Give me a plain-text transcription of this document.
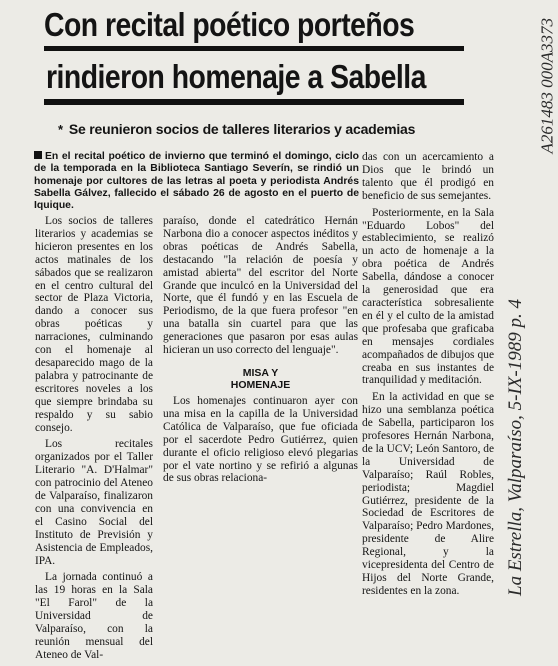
Con recital poético porteños
rindieron homenaje a Sabella
* Se reunieron socios de talleres literarios y academias
En el recital poético de invierno que terminó el domingo, ciclo de la temporada en la Biblioteca Santiago Severín, se rindió un homenaje por cultores de las letras al poeta y periodista Andrés Sabella Gálvez, fallecido el sábado 26 de agosto en el puerto de Iquique.

Los socios de talleres literarios y academias se hicieron presentes en los actos matinales de los sábados que se realizaron en el centro cultural del sector de Plaza Victoria, dando a conocer sus obras poéticas y narraciones, culminando con el homenaje al desaparecido mago de la palabra y patrocinante de escritores noveles a los que siempre brindaba su respaldo y su sabio consejo.

Los recitales organizados por el Taller Literario "A. D'Halmar" con patrocinio del Ateneo de Valparaíso, finalizaron con una convivencia en el Casino Social del Instituto de Previsión y Asistencia de Empleados, IPA.

La jornada continuó a las 19 horas en la Sala "El Farol" de la Universidad de Valparaíso, con la reunión mensual del Ateneo de Val-

paraíso, donde el catedrático Hernán Narbona dio a conocer aspectos inéditos y obras poéticas de Andrés Sabella, destacando "la relación de poesía y amistad abierta" del escritor del Norte Grande que inculcó en la Universidad del Norte, que él fundó y en las Escuela de Periodismo, de la que fuera profesor "en una batalla sin cuartel para que las generaciones que pasaron por esas aulas hicieran un uso correcto del lenguaje".

MISA Y
HOMENAJE

Los homenajes continuaron ayer con una misa en la capilla de la Universidad Católica de Valparaíso, que fue oficiada por el sacerdote Pedro Gutiérrez, quien durante el oficio religioso elevó plegarias por el vate nortino y se refirió a algunas de sus obras relaciona-

das con un acercamiento a Dios que le brindó un talento que él prodigó en beneficio de sus semejantes.

Posteriormente, en la Sala "Eduardo Lobos" del establecimiento, se realizó un acto de homenaje a la obra poética de Andrés Sabella, dándose a conocer la generosidad que era característica sobresaliente en él y el culto de la amistad que profesaba que graficaba en mensajes cordiales acompañados de dibujos que creaba en sus instantes de tranquilidad y meditación.

En la actividad en que se hizo una semblanza poética de Sabella, participaron los profesores Hernán Narbona, de la UCV; León Santoro, de la Universidad de Valparaíso; Raúl Robles, periodista; Magdiel Gutiérrez, presidente de la Sociedad de Escritores de Valparaíso; Pedro Mardones, presidente de Alire Regional, y la vicepresidenta del Centro de Hijos del Norte Grande, residentes en la zona.

A261483 000A3373
La Estrella, Valparaíso, 5-IX-1989 p. 4
